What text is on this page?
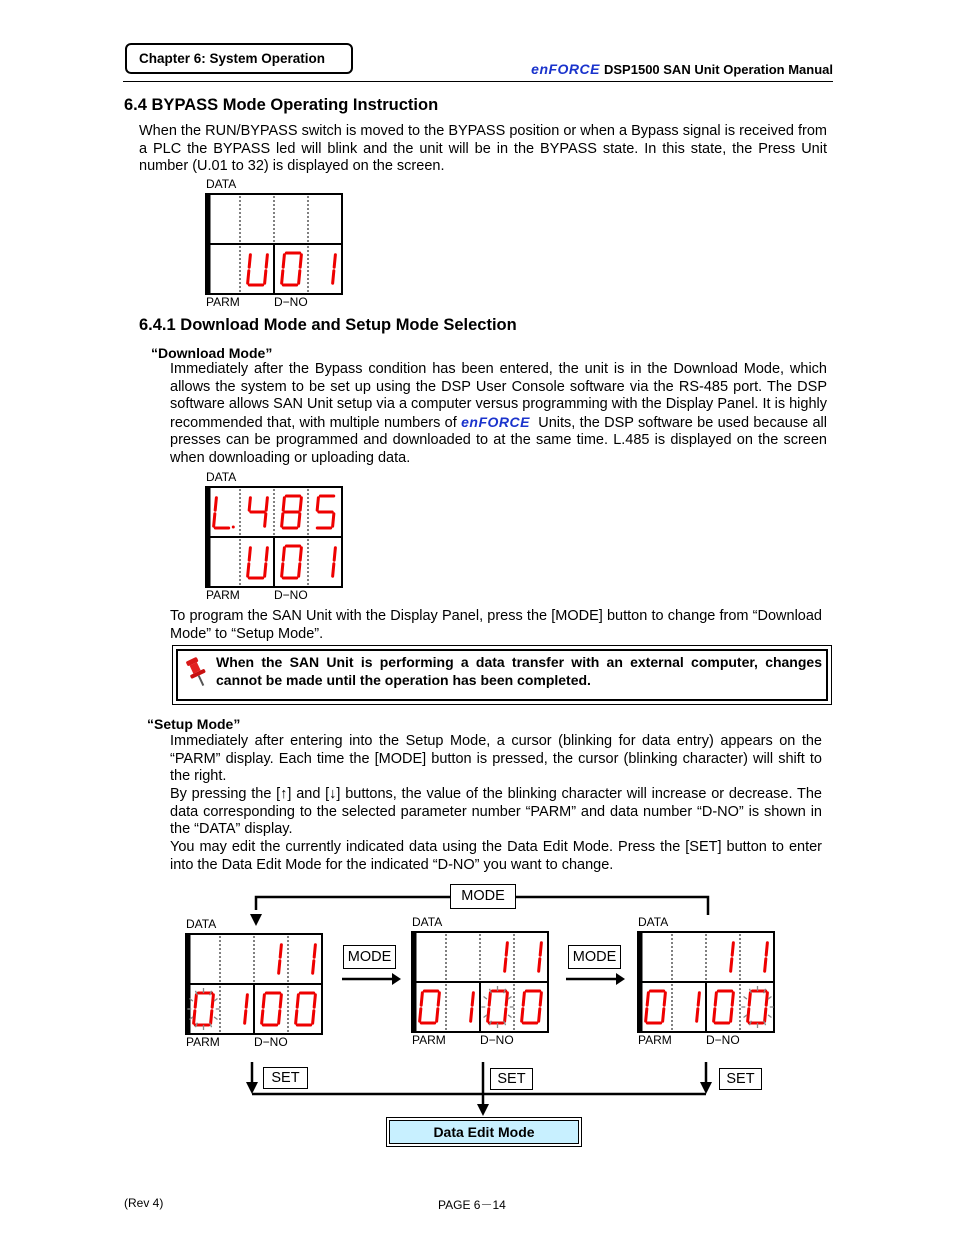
Chapter 6: System Operation
enFORCE DSP1500 SAN Unit Operation Manual
6.4 BYPASS Mode Operating Instruction
When the RUN/BYPASS switch is moved to the BYPASS position or when a Bypass signal is received from a PLC the BYPASS led will blink and the unit will be in the BYPASS state. In this state, the Press Unit number (U.01 to 32) is displayed on the screen.
DATA
PARM	D−NO
6.4.1 Download Mode and Setup Mode Selection
“Download Mode”
Immediately after the Bypass condition has been entered, the unit is in the Download Mode, which allows the system to be set up using the DSP User Console software via the RS-485 port. The DSP software allows SAN Unit setup via a computer versus programming with the Display Panel. It is highly recommended that, with multiple numbers of enFORCE Units, the DSP software be used because all presses can be programmed and downloaded to at the same time. L.485 is displayed on the screen when downloading or uploading data.
DATA
PARM	D−NO
To program the SAN Unit with the Display Panel, press the [MODE] button to change from “Download Mode” to “Setup Mode”.
When the SAN Unit is performing a data transfer with an external computer, changes cannot be made until the operation has been completed.
“Setup Mode”
Immediately after entering into the Setup Mode, a cursor (blinking for data entry) appears on the “PARM” display. Each time the [MODE] button is pressed, the cursor (blinking character) will shift to the right.
By pressing the [↑] and [↓] buttons, the value of the blinking character will increase or decrease. The data corresponding to the selected parameter number “PARM” and data number “D-NO” is shown in the “DATA” display.
You may edit the currently indicated data using the Data Edit Mode. Press the [SET] button to enter into the Data Edit Mode for the indicated “D-NO” you want to change.
DATA
PARM	D−NO
DATA
PARM	D−NO
DATA
PARM	D−NO
MODE
MODE	MODE
SET	SET	SET
Data Edit Mode
(Rev 4)	PAGE 6－14
